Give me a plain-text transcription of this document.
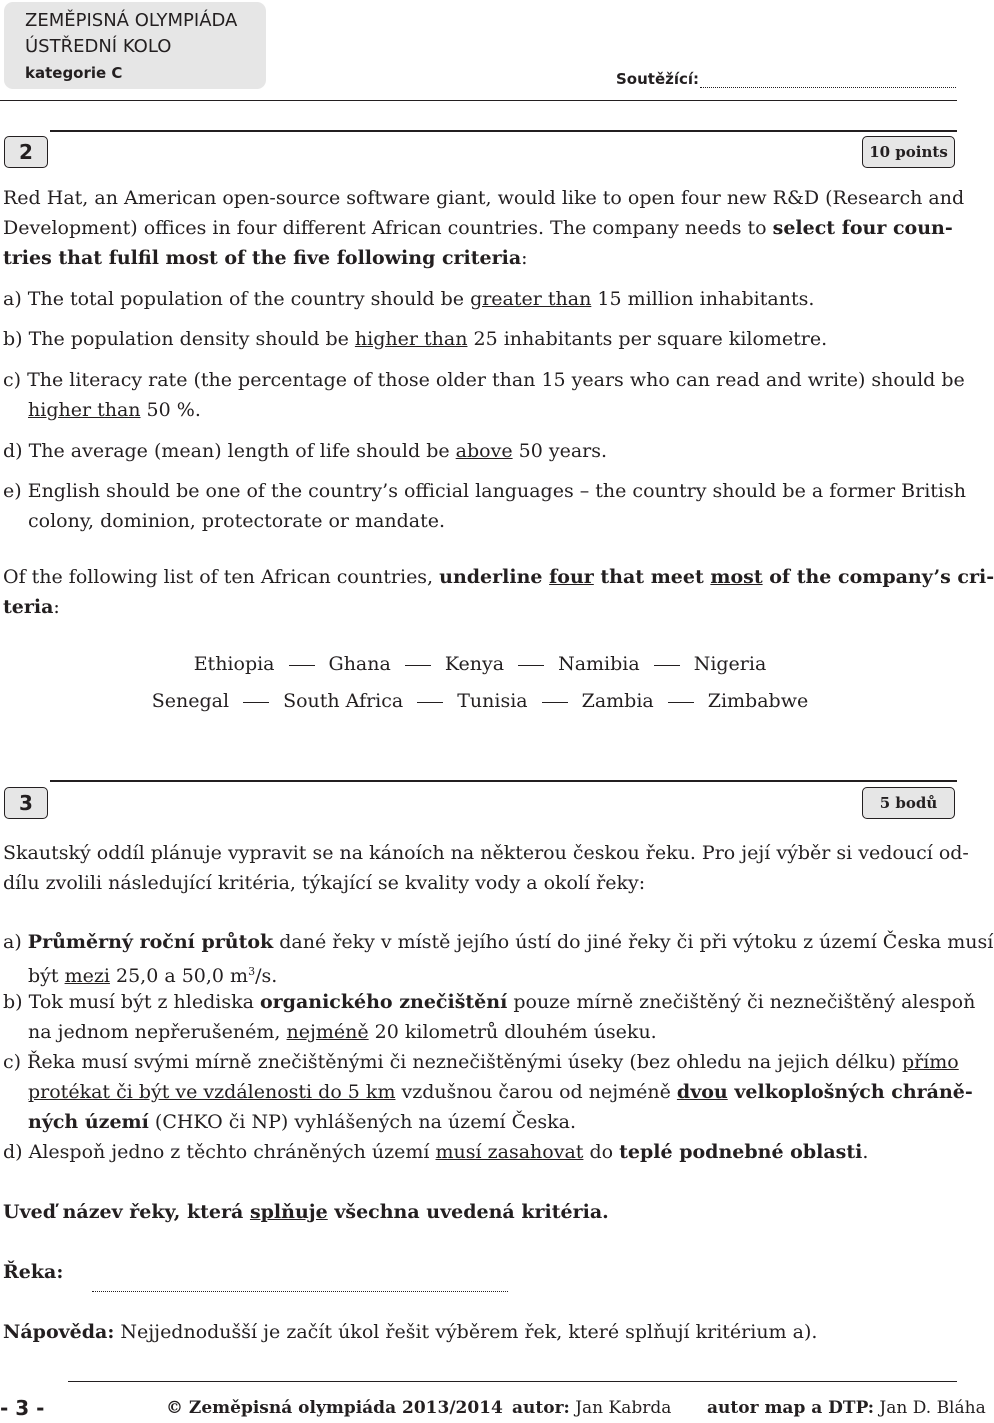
ZEMĚPISNÁ OLYMPIÁDA
ÚSTŘEDNÍ KOLO
kategorie C	Soutěžící:
2	10 points
Red Hat, an American open-source software giant, would like to open four new R&D (Research and
Development) offices in four different African countries. The company needs to select four coun-
tries that fulfil most of the five following criteria:
a) The total population of the country should be greater than 15 million inhabitants.
b) The population density should be higher than 25 inhabitants per square kilometre.
c) The literacy rate (the percentage of those older than 15 years who can read and write) should be
higher than 50 %.
d) The average (mean) length of life should be above 50 years.
e) English should be one of the country’s official languages – the country should be a former British
colony, dominion, protectorate or mandate.
Of the following list of ten African countries, underline four that meet most of the company’s cri-
teria:
Ethiopia	Ghana	Kenya	Namibia	Nigeria
Senegal	South Africa	Tunisia	Zambia	Zimbabwe
3	5 bodů
Skautský oddíl plánuje vypravit se na kánoích na některou českou řeku. Pro její výběr si vedoucí od-
dílu zvolili následující kritéria, týkající se kvality vody a okolí řeky:
a) Průměrný roční průtok dané řeky v místě jejího ústí do jiné řeky či při výtoku z území Česka musí
být mezi 25,0 a 50,0 $m^3/s$.
b) Tok musí být z hlediska organického znečištění pouze mírně znečištěný či neznečištěný alespoň
na jednom nepřerušeném, nejméně 20 kilometrů dlouhém úseku.
c) Řeka musí svými mírně znečištěnými či neznečištěnými úseky (bez ohledu na jejich délku) přímo
protékat či být ve vzdálenosti do 5 km vzdušnou čarou od nejméně dvou velkoplošných chráně-
ných území (CHKO či NP) vyhlášených na území Česka.
d) Alespoň jedno z těchto chráněných území musí zasahovat do teplé podnebné oblasti.
Uveď název řeky, která splňuje všechna uvedená kritéria.
Řeka:
Nápověda: Nejjednodušší je začít úkol řešit výběrem řek, které splňují kritérium a).
- 3 -	© Zeměpisná olympiáda 2013/2014 autor: Jan Kabrda autor map a DTP: Jan D. Bláha
